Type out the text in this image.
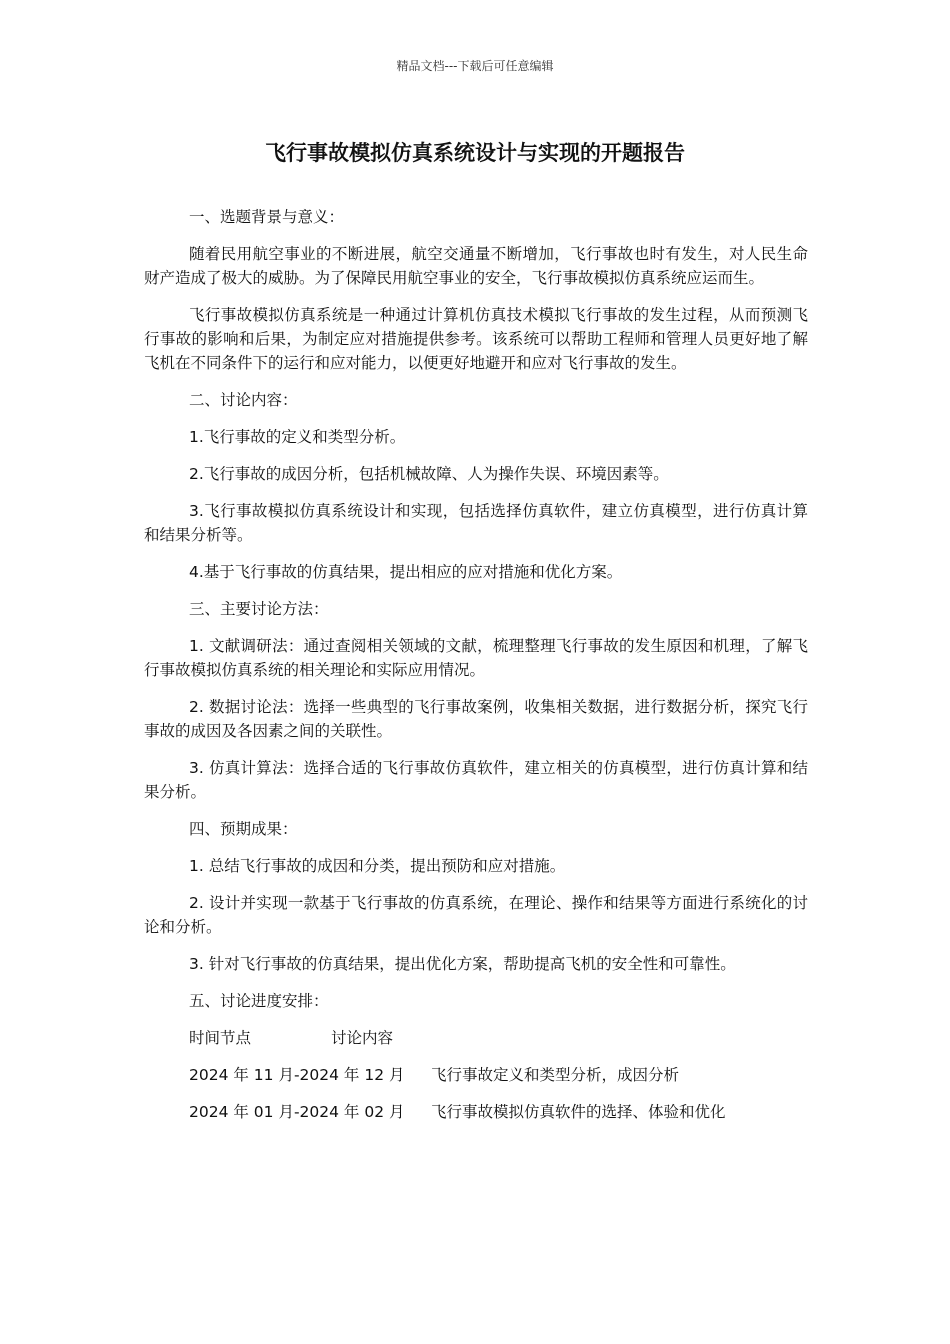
精品文档---下载后可任意编辑
飞行事故模拟仿真系统设计与实现的开题报告

一、选题背景与意义：

随着民用航空事业的不断进展，航空交通量不断增加，飞行事故也时有发生，对人民生命财产造成了极大的威胁。为了保障民用航空事业的安全，飞行事故模拟仿真系统应运而生。

飞行事故模拟仿真系统是一种通过计算机仿真技术模拟飞行事故的发生过程，从而预测飞行事故的影响和后果，为制定应对措施提供参考。该系统可以帮助工程师和管理人员更好地了解飞机在不同条件下的运行和应对能力，以便更好地避开和应对飞行事故的发生。

二、讨论内容：

1.飞行事故的定义和类型分析。

2.飞行事故的成因分析，包括机械故障、人为操作失误、环境因素等。

3.飞行事故模拟仿真系统设计和实现，包括选择仿真软件，建立仿真模型，进行仿真计算和结果分析等。

4.基于飞行事故的仿真结果，提出相应的应对措施和优化方案。

三、主要讨论方法：

1. 文献调研法：通过查阅相关领域的文献，梳理整理飞行事故的发生原因和机理，了解飞行事故模拟仿真系统的相关理论和实际应用情况。

2. 数据讨论法：选择一些典型的飞行事故案例，收集相关数据，进行数据分析，探究飞行事故的成因及各因素之间的关联性。

3. 仿真计算法：选择合适的飞行事故仿真软件，建立相关的仿真模型，进行仿真计算和结果分析。

四、预期成果：

1. 总结飞行事故的成因和分类，提出预防和应对措施。

2. 设计并实现一款基于飞行事故的仿真系统，在理论、操作和结果等方面进行系统化的讨论和分析。

3. 针对飞行事故的仿真结果，提出优化方案，帮助提高飞机的安全性和可靠性。

五、讨论进度安排：

时间节点	讨论内容
2024 年 11 月-2024 年 12 月 飞行事故定义和类型分析，成因分析
2024 年 01 月-2024 年 02 月 飞行事故模拟仿真软件的选择、体验和优化
